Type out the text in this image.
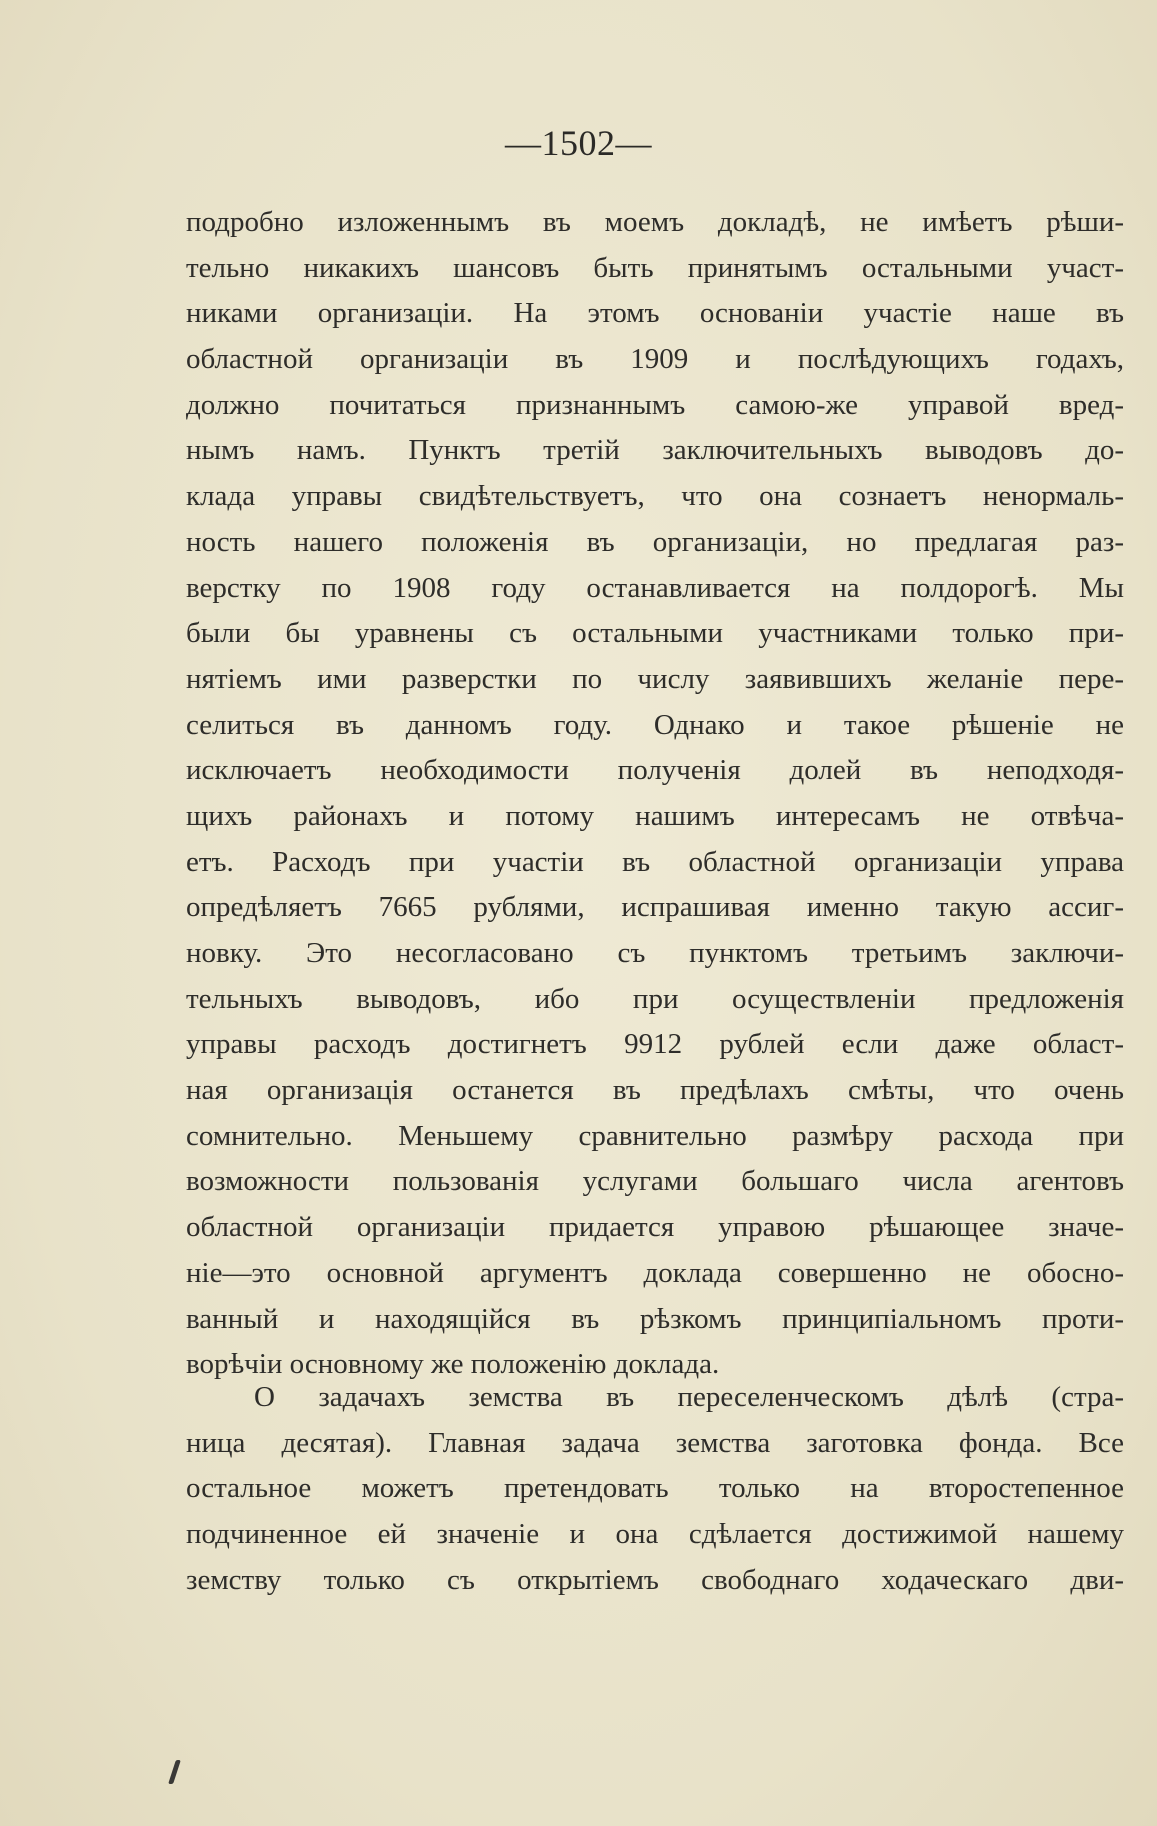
—1502—
подробно изложеннымъ въ моемъ докладѣ, не имѣетъ рѣши-
тельно никакихъ шансовъ быть принятымъ остальными участ-
никами организаціи. На этомъ основаніи участіе наше въ
областной организаціи въ 1909 и послѣдующихъ годахъ,
должно почитаться признаннымъ самою-же управой вред-
нымъ намъ. Пунктъ третій заключительныхъ выводовъ до-
клада управы свидѣтельствуетъ, что она сознаетъ ненормаль-
ность нашего положенія въ организаціи, но предлагая раз-
верстку по 1908 году останавливается на полдорогѣ. Мы
были бы уравнены съ остальными участниками только при-
нятіемъ ими разверстки по числу заявившихъ желаніе пере-
селиться въ данномъ году. Однако и такое рѣшеніе не
исключаетъ необходимости полученія долей въ неподходя-
щихъ районахъ и потому нашимъ интересамъ не отвѣча-
етъ. Расходъ при участіи въ областной организаціи управа
опредѣляетъ 7665 рублями, испрашивая именно такую ассиг-
новку. Это несогласовано съ пунктомъ третьимъ заключи-
тельныхъ выводовъ, ибо при осуществленіи предложенія
управы расходъ достигнетъ 9912 рублей если даже област-
ная организація останется въ предѣлахъ смѣты, что очень
сомнительно. Меньшему сравнительно размѣру расхода при
возможности пользованія услугами большаго числа агентовъ
областной организаціи придается управою рѣшающее значе-
ніе—это основной аргументъ доклада совершенно не обосно-
ванный и находящійся въ рѣзкомъ принципіальномъ проти-
ворѣчіи основному же положенію доклада.
О задачахъ земства въ переселенческомъ дѣлѣ (стра-
ница десятая). Главная задача земства заготовка фонда. Все
остальное можетъ претендовать только на второстепенное
подчиненное ей значеніе и она сдѣлается достижимой нашему
земству только съ открытіемъ свободнаго ходаческаго дви-
